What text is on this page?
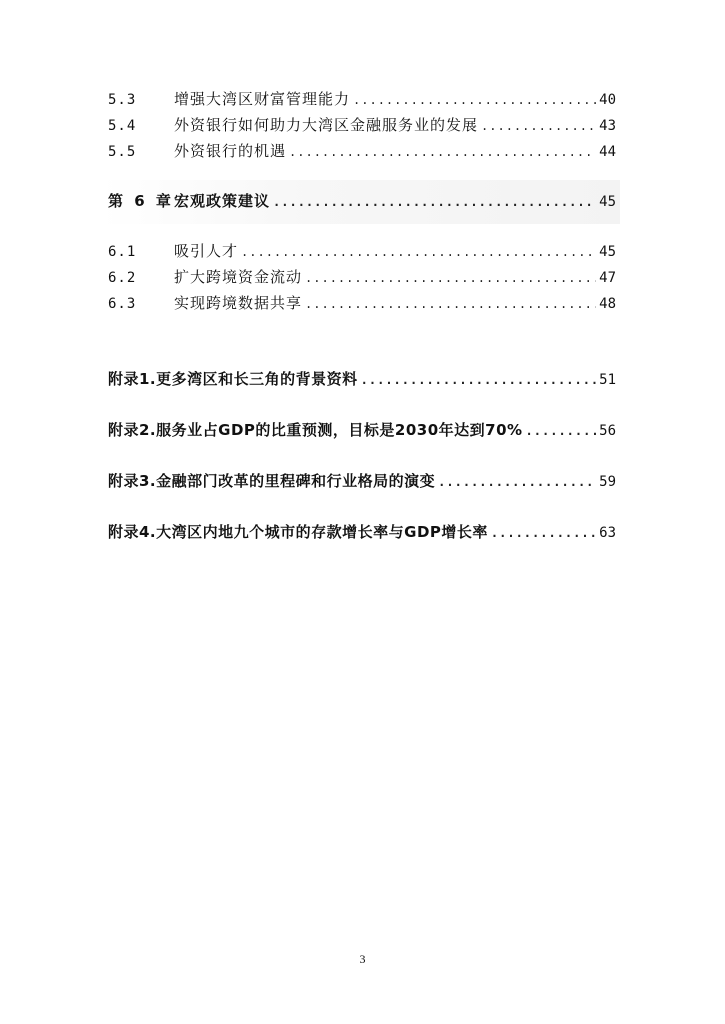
5.3	增强大湾区财富管理能力 .....	40
5.4	外资银行如何助力大湾区金融服务业的发展 .....	43
5.5	外资银行的机遇 .....	44
第 6 章 宏观政策建议 .....	45
6.1	吸引人才 .....	45
6.2	扩大跨境资金流动 .....	47
6.3	实现跨境数据共享 .....	48
附录1.更多湾区和长三角的背景资料 .....	51
附录2.服务业占GDP的比重预测，目标是2030年达到70% .....	56
附录3.金融部门改革的里程碑和行业格局的演变 .....	59
附录4.大湾区内地九个城市的存款增长率与GDP增长率 .....	63
3
